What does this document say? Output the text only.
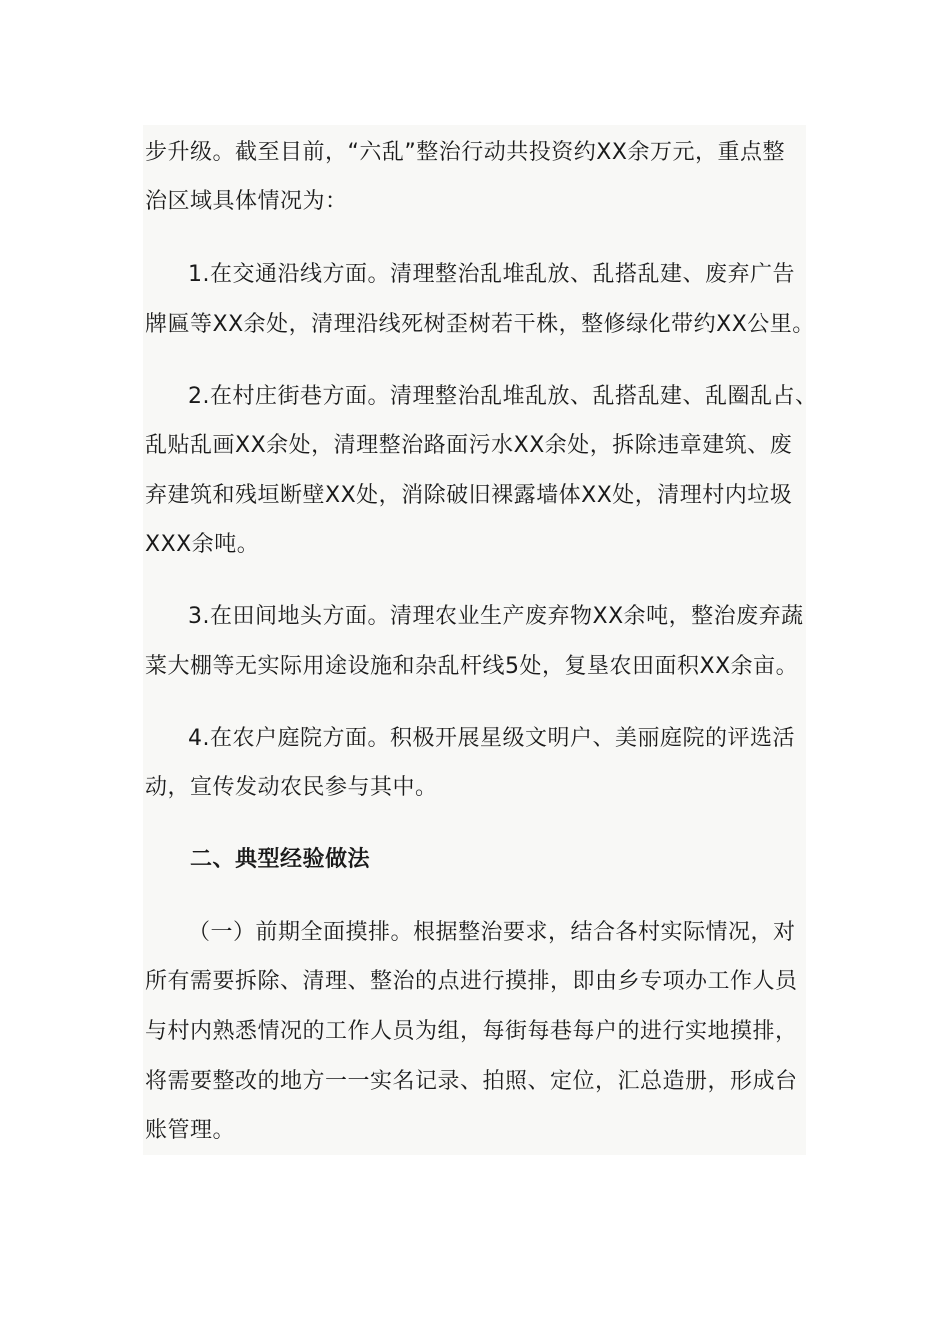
步升级。截至目前，“六乱”整治行动共投资约XX余万元，重点整
治区域具体情况为：
1.在交通沿线方面。清理整治乱堆乱放、乱搭乱建、废弃广告
牌匾等XX余处，清理沿线死树歪树若干株，整修绿化带约XX公里。
2.在村庄街巷方面。清理整治乱堆乱放、乱搭乱建、乱圈乱占、
乱贴乱画XX余处，清理整治路面污水XX余处，拆除违章建筑、废
弃建筑和残垣断壁XX处，消除破旧裸露墙体XX处，清理村内垃圾
XXX余吨。
3.在田间地头方面。清理农业生产废弃物XX余吨，整治废弃蔬
菜大棚等无实际用途设施和杂乱杆线5处，复垦农田面积XX余亩。
4.在农户庭院方面。积极开展星级文明户、美丽庭院的评选活
动，宣传发动农民参与其中。
二、典型经验做法
（一）前期全面摸排。根据整治要求，结合各村实际情况，对
所有需要拆除、清理、整治的点进行摸排，即由乡专项办工作人员
与村内熟悉情况的工作人员为组，每街每巷每户的进行实地摸排，
将需要整改的地方一一实名记录、拍照、定位，汇总造册，形成台
账管理。
